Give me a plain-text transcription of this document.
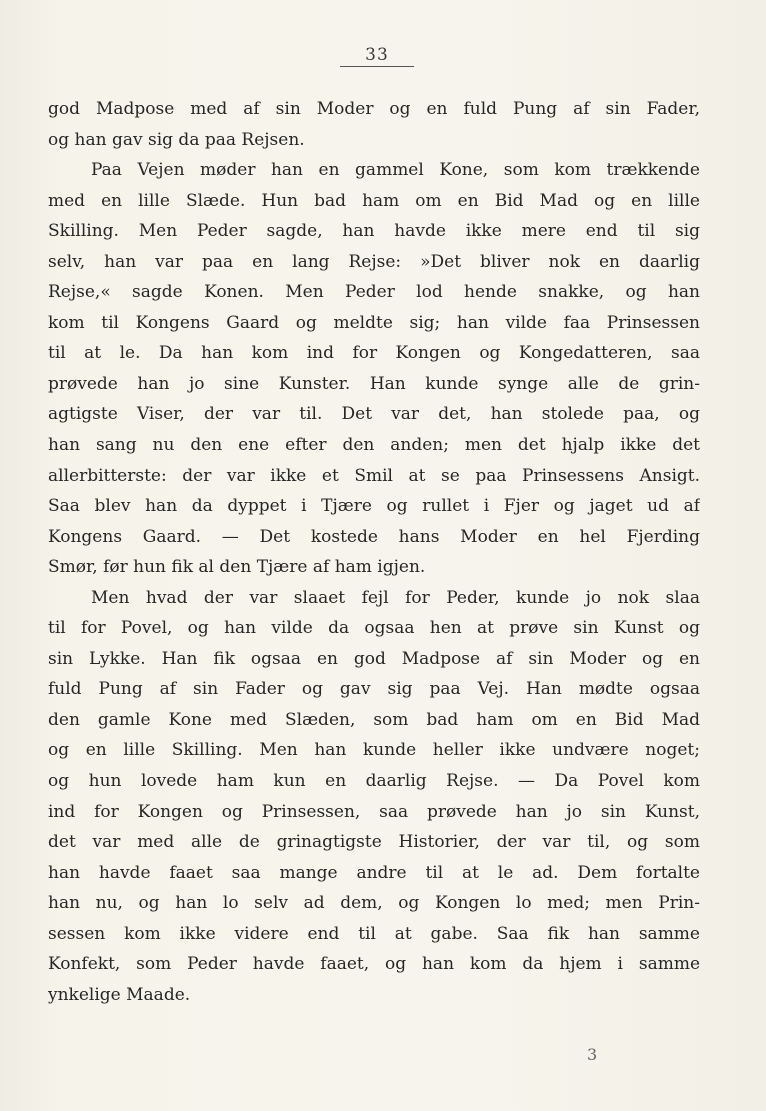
33
god Madpose med af sin Moder og en fuld Pung af sin Fader,
og han gav sig da paa Rejsen.
Paa Vejen møder han en gammel Kone, som kom trækkende
med en lille Slæde. Hun bad ham om en Bid Mad og en lille
Skilling. Men Peder sagde, han havde ikke mere end til sig
selv, han var paa en lang Rejse: »Det bliver nok en daarlig
Rejse,« sagde Konen. Men Peder lod hende snakke, og han
kom til Kongens Gaard og meldte sig; han vilde faa Prinsessen
til at le. Da han kom ind for Kongen og Kongedatteren, saa
prøvede han jo sine Kunster. Han kunde synge alle de grin-
agtigste Viser, der var til. Det var det, han stolede paa, og
han sang nu den ene efter den anden; men det hjalp ikke det
allerbitterste: der var ikke et Smil at se paa Prinsessens Ansigt.
Saa blev han da dyppet i Tjære og rullet i Fjer og jaget ud af
Kongens Gaard. — Det kostede hans Moder en hel Fjerding
Smør, før hun fik al den Tjære af ham igjen.
Men hvad der var slaaet fejl for Peder, kunde jo nok slaa
til for Povel, og han vilde da ogsaa hen at prøve sin Kunst og
sin Lykke. Han fik ogsaa en god Madpose af sin Moder og en
fuld Pung af sin Fader og gav sig paa Vej. Han mødte ogsaa
den gamle Kone med Slæden, som bad ham om en Bid Mad
og en lille Skilling. Men han kunde heller ikke undvære noget;
og hun lovede ham kun en daarlig Rejse. — Da Povel kom
ind for Kongen og Prinsessen, saa prøvede han jo sin Kunst,
det var med alle de grinagtigste Historier, der var til, og som
han havde faaet saa mange andre til at le ad. Dem fortalte
han nu, og han lo selv ad dem, og Kongen lo med; men Prin-
sessen kom ikke videre end til at gabe. Saa fik han samme
Konfekt, som Peder havde faaet, og han kom da hjem i samme
ynkelige Maade.
3
